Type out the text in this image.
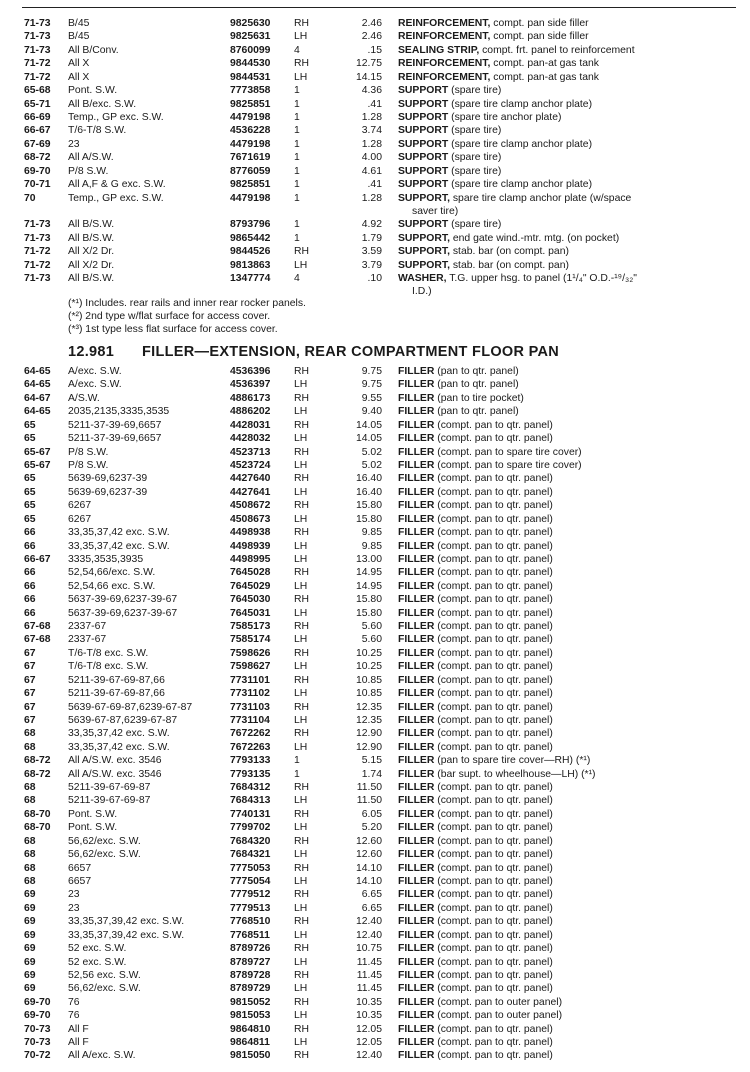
71-73	B/45	9825630	RH	2.46 REINFORCEMENT, compt. pan side filler
71-73	B/45	9825631	LH	2.46 REINFORCEMENT, compt. pan side filler
71-73	All B/Conv.	8760099	4	.15 SEALING STRIP, compt. frt. panel to reinforcement
71-72	All X	9844530	RH	12.75 REINFORCEMENT, compt. pan-at gas tank
71-72	All X	9844531	LH	14.15 REINFORCEMENT, compt. pan-at gas tank
65-68	Pont. S.W.	7773858	1	4.36 SUPPORT (spare tire)
65-71	All B/exc. S.W.	9825851	1	.41 SUPPORT (spare tire clamp anchor plate)
66-69	Temp., GP exc. S.W.	4479198	1	1.28 SUPPORT (spare tire anchor plate)
66-67	T/6-T/8 S.W.	4536228	1	3.74 SUPPORT (spare tire)
67-69	23	4479198	1	1.28 SUPPORT (spare tire clamp anchor plate)
68-72	All A/S.W.	7671619	1	4.00 SUPPORT (spare tire)
69-70	P/8 S.W.	8776059	1	4.61 SUPPORT (spare tire)
70-71	All A,F & G exc. S.W.	9825851	1	.41 SUPPORT (spare tire clamp anchor plate)
70	Temp., GP exc. S.W.	4479198	1	1.28 SUPPORT, spare tire clamp anchor plate (w/space
saver tire)
71-73	All B/S.W.	8793796	1	4.92 SUPPORT (spare tire)
71-73	All B/S.W.	9865442	1	1.79 SUPPORT, end gate wind.-mtr. mtg. (on pocket)
71-72	All X/2 Dr.	9844526	RH	3.59 SUPPORT, stab. bar (on compt. pan)
71-72	All X/2 Dr.	9813863	LH	3.79 SUPPORT, stab. bar (on compt. pan)
71-73	All B/S.W.	1347774	4	.10 WASHER, T.G. upper hsg. to panel (1¹/₄" O.D.-¹⁹/₃₂"
I.D.)
(*¹) Includes. rear rails and inner rear rocker panels.
(*²) 2nd type w/flat surface for access cover.
(*³) 1st type less flat surface for access cover.
12.981 FILLER—EXTENSION, REAR COMPARTMENT FLOOR PAN
64-65	A/exc. S.W.	4536396	RH	9.75 FILLER (pan to qtr. panel)
64-65	A/exc. S.W.	4536397	LH	9.75 FILLER (pan to qtr. panel)
64-67	A/S.W.	4886173	RH	9.55 FILLER (pan to tire pocket)
64-65	2035,2135,3335,3535	4886202	LH	9.40 FILLER (pan to qtr. panel)
65	5211-37-39-69,6657	4428031	RH	14.05 FILLER (compt. pan to qtr. panel)
65	5211-37-39-69,6657	4428032	LH	14.05 FILLER (compt. pan to qtr. panel)
65-67	P/8 S.W.	4523713	RH	5.02 FILLER (compt. pan to spare tire cover)
65-67	P/8 S.W.	4523724	LH	5.02 FILLER (compt. pan to spare tire cover)
65	5639-69,6237-39	4427640	RH	16.40 FILLER (compt. pan to qtr. panel)
65	5639-69,6237-39	4427641	LH	16.40 FILLER (compt. pan to qtr. panel)
65	6267	4508672	RH	15.80 FILLER (compt. pan to qtr. panel)
65	6267	4508673	LH	15.80 FILLER (compt. pan to qtr. panel)
66	33,35,37,42 exc. S.W.	4498938	RH	9.85 FILLER (compt. pan to qtr. panel)
66	33,35,37,42 exc. S.W.	4498939	LH	9.85 FILLER (compt. pan to qtr. panel)
66-67	3335,3535,3935	4498995	LH	13.00 FILLER (compt. pan to qtr. panel)
66	52,54,66/exc. S.W.	7645028	RH	14.95 FILLER (compt. pan to qtr. panel)
66	52,54,66 exc. S.W.	7645029	LH	14.95 FILLER (compt. pan to qtr. panel)
66	5637-39-69,6237-39-67	7645030	RH	15.80 FILLER (compt. pan to qtr. panel)
66	5637-39-69,6237-39-67	7645031	LH	15.80 FILLER (compt. pan to qtr. panel)
67-68	2337-67	7585173	RH	5.60 FILLER (compt. pan to qtr. panel)
67-68	2337-67	7585174	LH	5.60 FILLER (compt. pan to qtr. panel)
67	T/6-T/8 exc. S.W.	7598626	RH	10.25 FILLER (compt. pan to qtr. panel)
67	T/6-T/8 exc. S.W.	7598627	LH	10.25 FILLER (compt. pan to qtr. panel)
67	5211-39-67-69-87,66	7731101	RH	10.85 FILLER (compt. pan to qtr. panel)
67	5211-39-67-69-87,66	7731102	LH	10.85 FILLER (compt. pan to qtr. panel)
67	5639-67-69-87,6239-67-87	7731103	RH	12.35 FILLER (compt. pan to qtr. panel)
67	5639-67-87,6239-67-87	7731104	LH	12.35 FILLER (compt. pan to qtr. panel)
68	33,35,37,42 exc. S.W.	7672262	RH	12.90 FILLER (compt. pan to qtr. panel)
68	33,35,37,42 exc. S.W.	7672263	LH	12.90 FILLER (compt. pan to qtr. panel)
68-72	All A/S.W. exc. 3546	7793133	1	5.15 FILLER (pan to spare tire cover—RH) (*¹)
68-72	All A/S.W. exc. 3546	7793135	1	1.74 FILLER (bar supt. to wheelhouse—LH) (*¹)
68	5211-39-67-69-87	7684312	RH	11.50 FILLER (compt. pan to qtr. panel)
68	5211-39-67-69-87	7684313	LH	11.50 FILLER (compt. pan to qtr. panel)
68-70	Pont. S.W.	7740131	RH	6.05 FILLER (compt. pan to qtr. panel)
68-70	Pont. S.W.	7799702	LH	5.20 FILLER (compt. pan to qtr. panel)
68	56,62/exc. S.W.	7684320	RH	12.60 FILLER (compt. pan to qtr. panel)
68	56,62/exc. S.W.	7684321	LH	12.60 FILLER (compt. pan to qtr. panel)
68	6657	7775053	RH	14.10 FILLER (compt. pan to qtr. panel)
68	6657	7775054	LH	14.10 FILLER (compt. pan to qtr. panel)
69	23	7779512	RH	6.65 FILLER (compt. pan to qtr. panel)
69	23	7779513	LH	6.65 FILLER (compt. pan to qtr. panel)
69	33,35,37,39,42 exc. S.W.	7768510	RH	12.40 FILLER (compt. pan to qtr. panel)
69	33,35,37,39,42 exc. S.W.	7768511	LH	12.40 FILLER (compt. pan to qtr. panel)
69	52 exc. S.W.	8789726	RH	10.75 FILLER (compt. pan to qtr. panel)
69	52 exc. S.W.	8789727	LH	11.45 FILLER (compt. pan to qtr. panel)
69	52,56 exc. S.W.	8789728	RH	11.45 FILLER (compt. pan to qtr. panel)
69	56,62/exc. S.W.	8789729	LH	11.45 FILLER (compt. pan to qtr. panel)
69-70	76	9815052	RH	10.35 FILLER (compt. pan to outer panel)
69-70	76	9815053	LH	10.35 FILLER (compt. pan to outer panel)
70-73	All F	9864810	RH	12.05 FILLER (compt. pan to qtr. panel)
70-73	All F	9864811	LH	12.05 FILLER (compt. pan to qtr. panel)
70-72	All A/exc. S.W.	9815050	RH	12.40 FILLER (compt. pan to qtr. panel)
